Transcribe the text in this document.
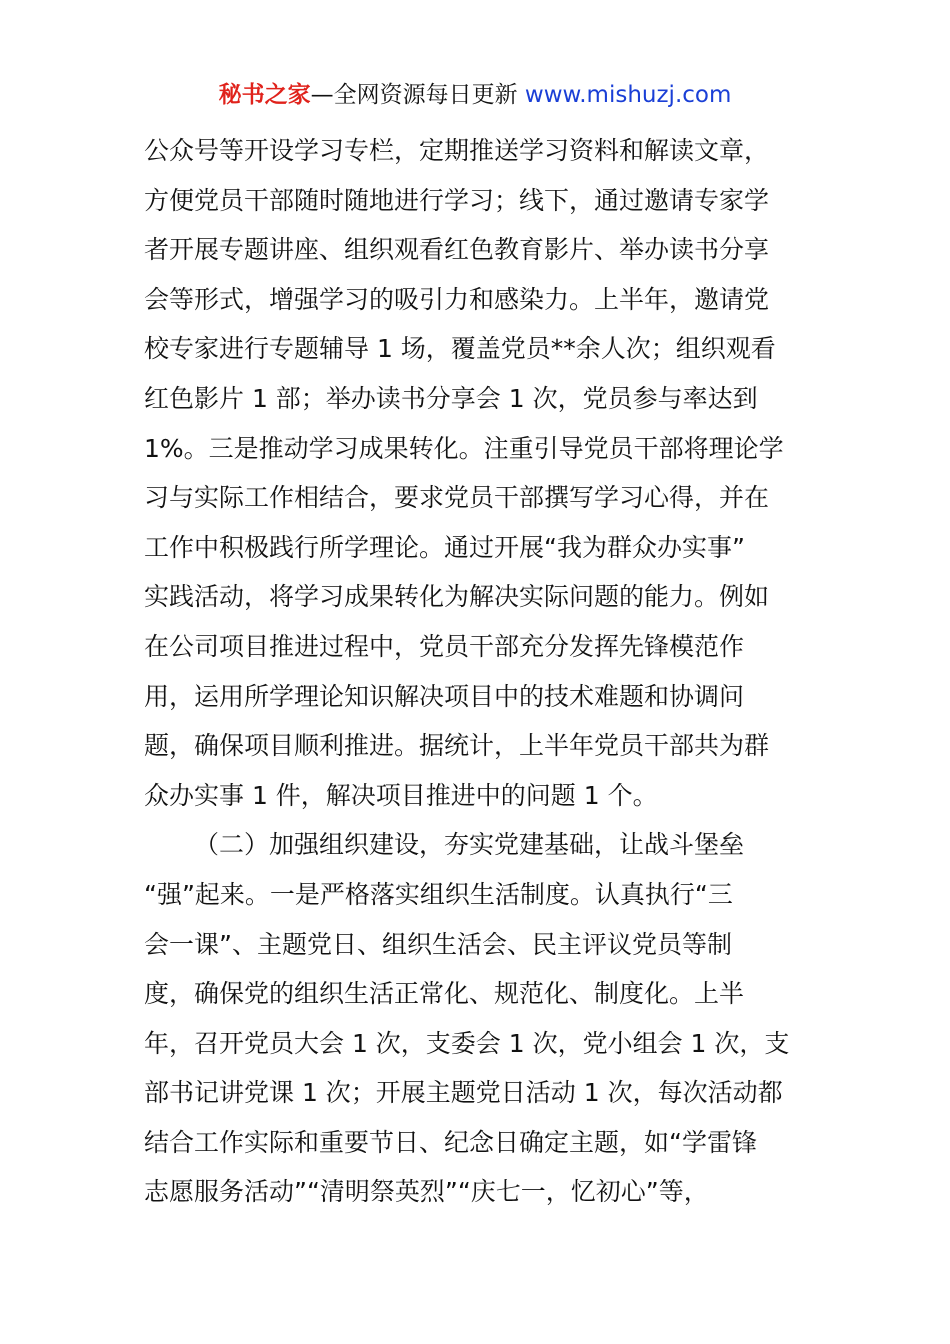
秘书之家—全网资源每日更新 www.mishuzj.com
公众号等开设学习专栏，定期推送学习资料和解读文章，
方便党员干部随时随地进行学习；线下，通过邀请专家学
者开展专题讲座、组织观看红色教育影片、举办读书分享
会等形式，增强学习的吸引力和感染力。上半年，邀请党
校专家进行专题辅导 1 场，覆盖党员**余人次；组织观看
红色影片 1 部；举办读书分享会 1 次，党员参与率达到
1%。三是推动学习成果转化。注重引导党员干部将理论学
习与实际工作相结合，要求党员干部撰写学习心得，并在
工作中积极践行所学理论。通过开展“我为群众办实事”
实践活动，将学习成果转化为解决实际问题的能力。例如
在公司项目推进过程中，党员干部充分发挥先锋模范作
用，运用所学理论知识解决项目中的技术难题和协调问
题，确保项目顺利推进。据统计，上半年党员干部共为群
众办实事 1 件，解决项目推进中的问题 1 个。
（二）加强组织建设，夯实党建基础，让战斗堡垒
“强”起来。一是严格落实组织生活制度。认真执行“三
会一课”、主题党日、组织生活会、民主评议党员等制
度，确保党的组织生活正常化、规范化、制度化。上半
年，召开党员大会 1 次，支委会 1 次，党小组会 1 次，支
部书记讲党课 1 次；开展主题党日活动 1 次，每次活动都
结合工作实际和重要节日、纪念日确定主题，如“学雷锋
志愿服务活动”“清明祭英烈”“庆七一，忆初心”等，
